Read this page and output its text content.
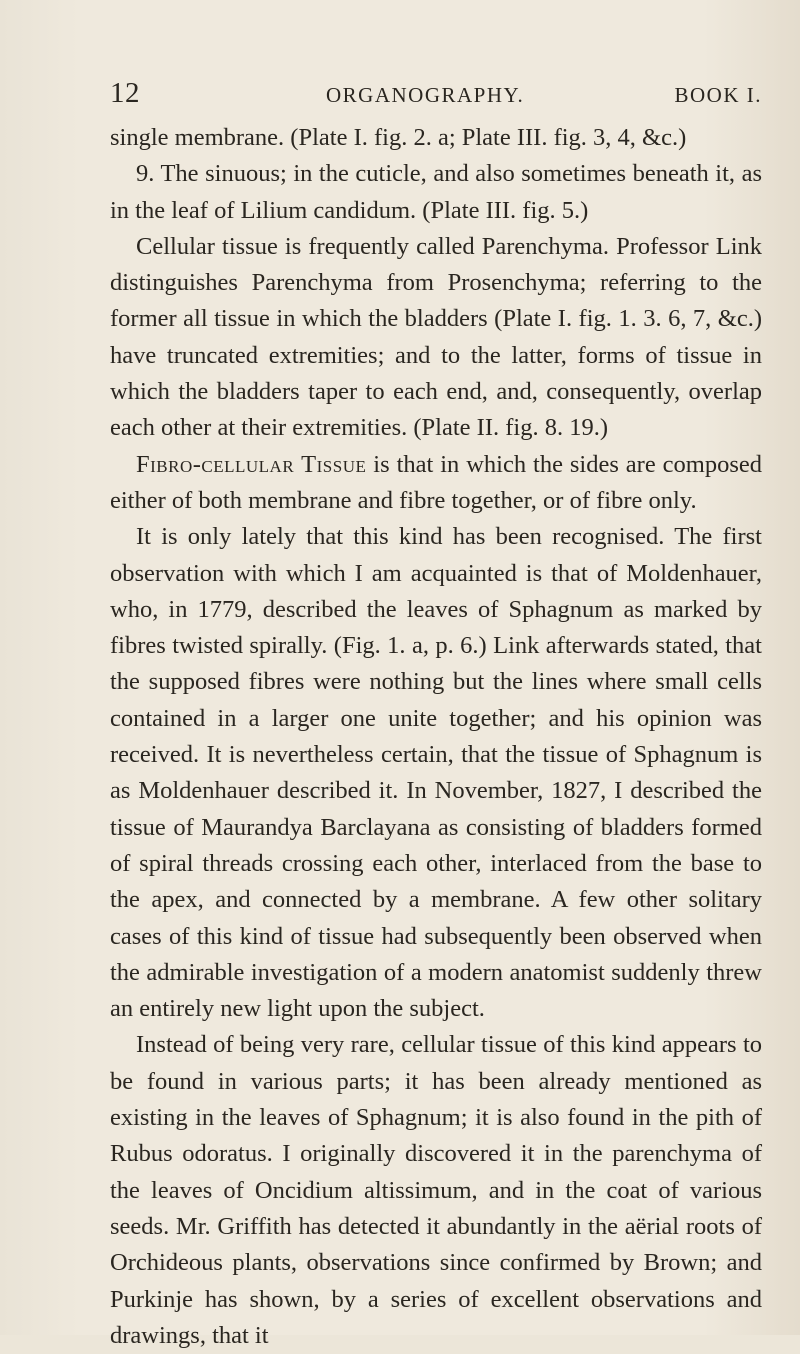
12	ORGANOGRAPHY.	BOOK I.

single membrane. (Plate I. fig. 2. a; Plate III. fig. 3, 4, &c.)

9. The sinuous; in the cuticle, and also sometimes beneath it, as in the leaf of Lilium candidum. (Plate III. fig. 5.)

Cellular tissue is frequently called Parenchyma. Professor Link distinguishes Parenchyma from Prosenchyma; referring to the former all tissue in which the bladders (Plate I. fig. 1. 3. 6, 7, &c.) have truncated extremities; and to the latter, forms of tissue in which the bladders taper to each end, and, consequently, overlap each other at their extremities. (Plate II. fig. 8. 19.)

Fibro-cellular Tissue is that in which the sides are composed either of both membrane and fibre together, or of fibre only.

It is only lately that this kind has been recognised. The first observation with which I am acquainted is that of Moldenhauer, who, in 1779, described the leaves of Sphagnum as marked by fibres twisted spirally. (Fig. 1. a, p. 6.) Link afterwards stated, that the supposed fibres were nothing but the lines where small cells contained in a larger one unite together; and his opinion was received. It is nevertheless certain, that the tissue of Sphagnum is as Moldenhauer described it. In November, 1827, I described the tissue of Maurandya Barclayana as consisting of bladders formed of spiral threads crossing each other, interlaced from the base to the apex, and connected by a membrane. A few other solitary cases of this kind of tissue had subsequently been observed when the admirable investigation of a modern anatomist suddenly threw an entirely new light upon the subject.

Instead of being very rare, cellular tissue of this kind appears to be found in various parts; it has been already mentioned as existing in the leaves of Sphagnum; it is also found in the pith of Rubus odoratus. I originally discovered it in the parenchyma of the leaves of Oncidium altissimum, and in the coat of various seeds. Mr. Griffith has detected it abundantly in the aërial roots of Orchideous plants, observations since confirmed by Brown; and Purkinje has shown, by a series of excellent observations and drawings, that it
